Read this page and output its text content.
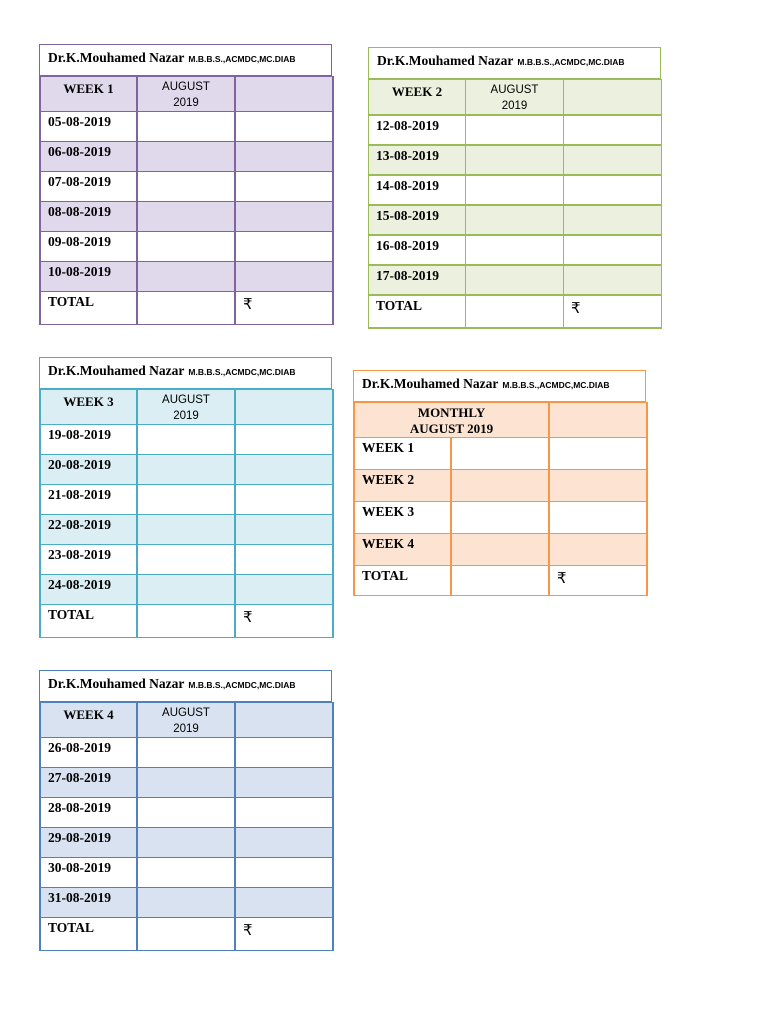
Dr.K.Mouhamed Nazar M.B.B.S.,ACMDC,MC.DIAB
WEEK 1	AUGUST
2019	
05-08-2019		
06-08-2019		
07-08-2019		
08-08-2019		
09-08-2019		
10-08-2019		
TOTAL		₹
Dr.K.Mouhamed Nazar M.B.B.S.,ACMDC,MC.DIAB
WEEK 2	AUGUST
2019	
12-08-2019		
13-08-2019		
14-08-2019		
15-08-2019		
16-08-2019		
17-08-2019		
TOTAL		₹
Dr.K.Mouhamed Nazar M.B.B.S.,ACMDC,MC.DIAB
WEEK 3	AUGUST
2019	
19-08-2019		
20-08-2019		
21-08-2019		
22-08-2019		
23-08-2019		
24-08-2019		
TOTAL		₹
Dr.K.Mouhamed Nazar M.B.B.S.,ACMDC,MC.DIAB
MONTHLY
AUGUST 2019		
WEEK 1		
WEEK 2		
WEEK 3		
WEEK 4		
TOTAL		₹
Dr.K.Mouhamed Nazar M.B.B.S.,ACMDC,MC.DIAB
WEEK 4	AUGUST
2019	
26-08-2019		
27-08-2019		
28-08-2019		
29-08-2019		
30-08-2019		
31-08-2019		
TOTAL		₹
